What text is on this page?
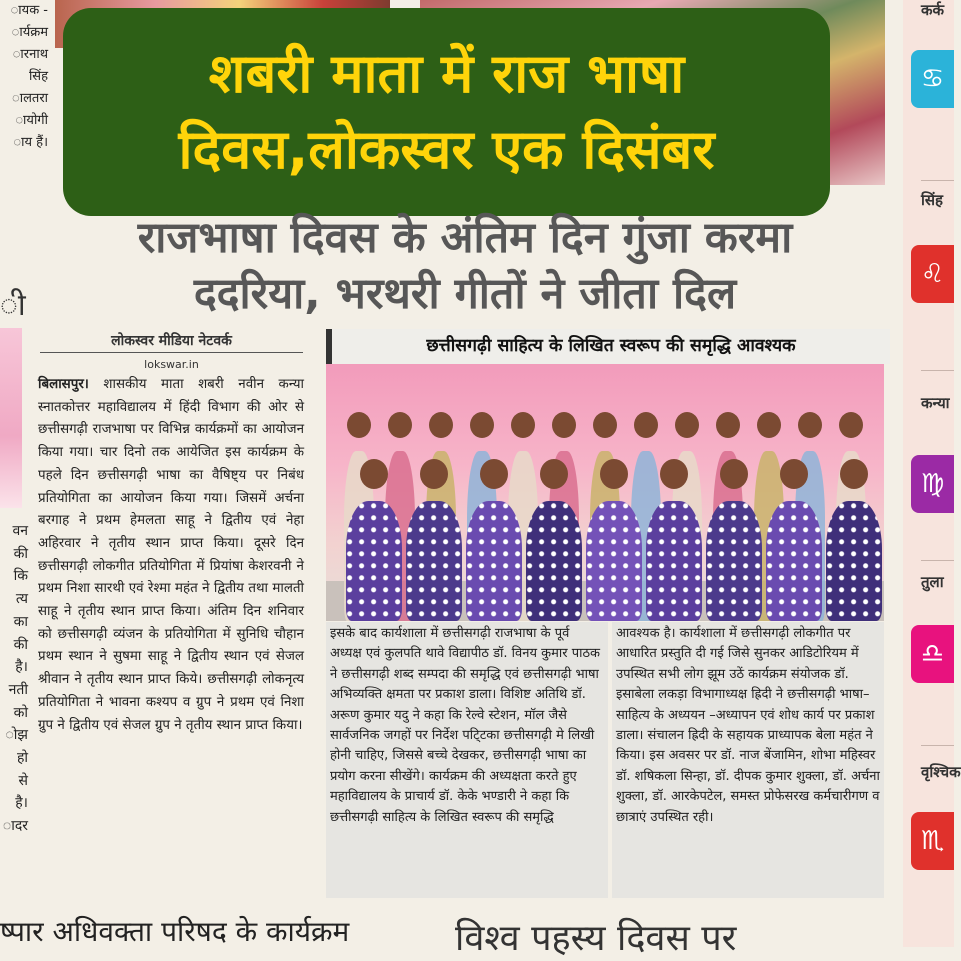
ायक -
ार्यक्रम
ारनाथ
सिंह
ालतरा
ायोगी
ाय हैं।
ी
वन
की
कि
त्य
का
की
है।
नती
को
ोझ
हो
से
है।
ादर
शबरी माता में राज भाषा
दिवस,लोकस्वर एक दिसंबर
राजभाषा दिवस के अंतिम दिन गुंजा करमा
ददरिया, भरथरी गीतों ने जीता दिल
लोकस्वर मीडिया नेटवर्क
lokswar.in
बिलासपुर। शासकीय माता शबरी नवीन कन्या स्नातकोत्तर महाविद्यालय में हिंदी विभाग की ओर से छत्तीसगढ़ी राजभाषा पर विभिन्न कार्यक्रमों का आयोजन किया गया। चार दिनो तक आयेजित इस कार्यक्रम के पहले दिन छत्तीसगढ़ी भाषा का वैषिष्ट्य पर निबंध प्रतियोगिता का आयोजन किया गया। जिसमें अर्चना बरगाह ने प्रथम हेमलता साहू ने द्वितीय एवं नेहा अहिरवार ने तृतीय स्थान प्राप्त किया। दूसरे दिन छत्तीसगढ़ी लोकगीत प्रतियोगिता में प्रियांषा केशरवनी ने प्रथम निशा सारथी एवं रेश्मा महंत ने द्वितीय तथा मालती साहू ने तृतीय स्थान प्राप्त किया। अंतिम दिन शनिवार को छत्तीसगढ़ी व्यंजन के प्रतियोगिता में सुनिधि चौहान प्रथम स्थान ने सुषमा साहू ने द्वितीय स्थान एवं सेजल श्रीवान ने तृतीय स्थान प्राप्त किये। छत्तीसगढ़ी लोकनृत्य प्रतियोगिता ने भावना कश्यप व ग्रुप ने प्रथम एवं निशा ग्रुप ने द्वितीय एवं सेजल ग्रुप ने तृतीय स्थान प्राप्त किया।
छत्तीसगढ़ी साहित्य के लिखित स्वरूप की समृद्धि आवश्यक
इसके बाद कार्यशाला में छत्तीसगढ़ी राजभाषा के पूर्व अध्यक्ष एवं कुलपति थावे विद्यापीठ डॉ. विनय कुमार पाठक ने छत्तीसगढ़ी शब्द सम्पदा की समृद्धि एवं छत्तीसगढ़ी भाषा अभिव्यक्ति क्षमता पर प्रकाश डाला। विशिष्ट अतिथि डॉ. अरूण कुमार यदु ने कहा कि रेल्वे स्टेशन, मॉल जैसे सार्वजनिक जगहों पर निर्देश पटि्टका छत्तीसगढ़ी मे लिखी होनी चाहिए, जिससे बच्चे देखकर, छत्तीसगढ़ी भाषा का प्रयोग करना सीखेंगे। कार्यक्रम की अध्यक्षता करते हुए महाविद्यालय के प्राचार्य डॉ. केके भण्डारी ने कहा कि छत्तीसगढ़ी साहित्य के लिखित स्वरूप की समृद्धि
आवश्यक है। कार्यशाला में छत्तीसगढ़ी लोकगीत पर आधारित प्रस्तुति दी गई जिसे सुनकर आडिटोरियम में उपस्थित सभी लोग झूम उठें कार्यक्रम संयोजक डॉ. इसाबेला लकड़ा विभागाध्यक्ष ह्रिदी ने छत्तीसगढ़ी भाषा–साहित्य के अध्ययन –अध्यापन एवं शोध कार्य पर प्रकाश डाला। संचालन ह्रिदी के सहायक प्राध्यापक बेला महंत ने किया। इस अवसर पर डॉ. नाज बेंजामिन, शोभा महिस्वर डॉ. शषिकला सिन्हा, डॉ. दीपक कुमार शुक्ला, डॉ. अर्चना शुक्ला, डॉ. आरकेपटेल, समस्त प्रोफेसरख कर्मचारीगण व छात्राएं उपस्थित रही।
ष्पार अधिवक्ता परिषद के कार्यक्रम	विश्व पहस्य दिवस पर
कर्क
♋
सिंह
♌
कन्या
♍
तुला
♎
वृश्चिक
♏
